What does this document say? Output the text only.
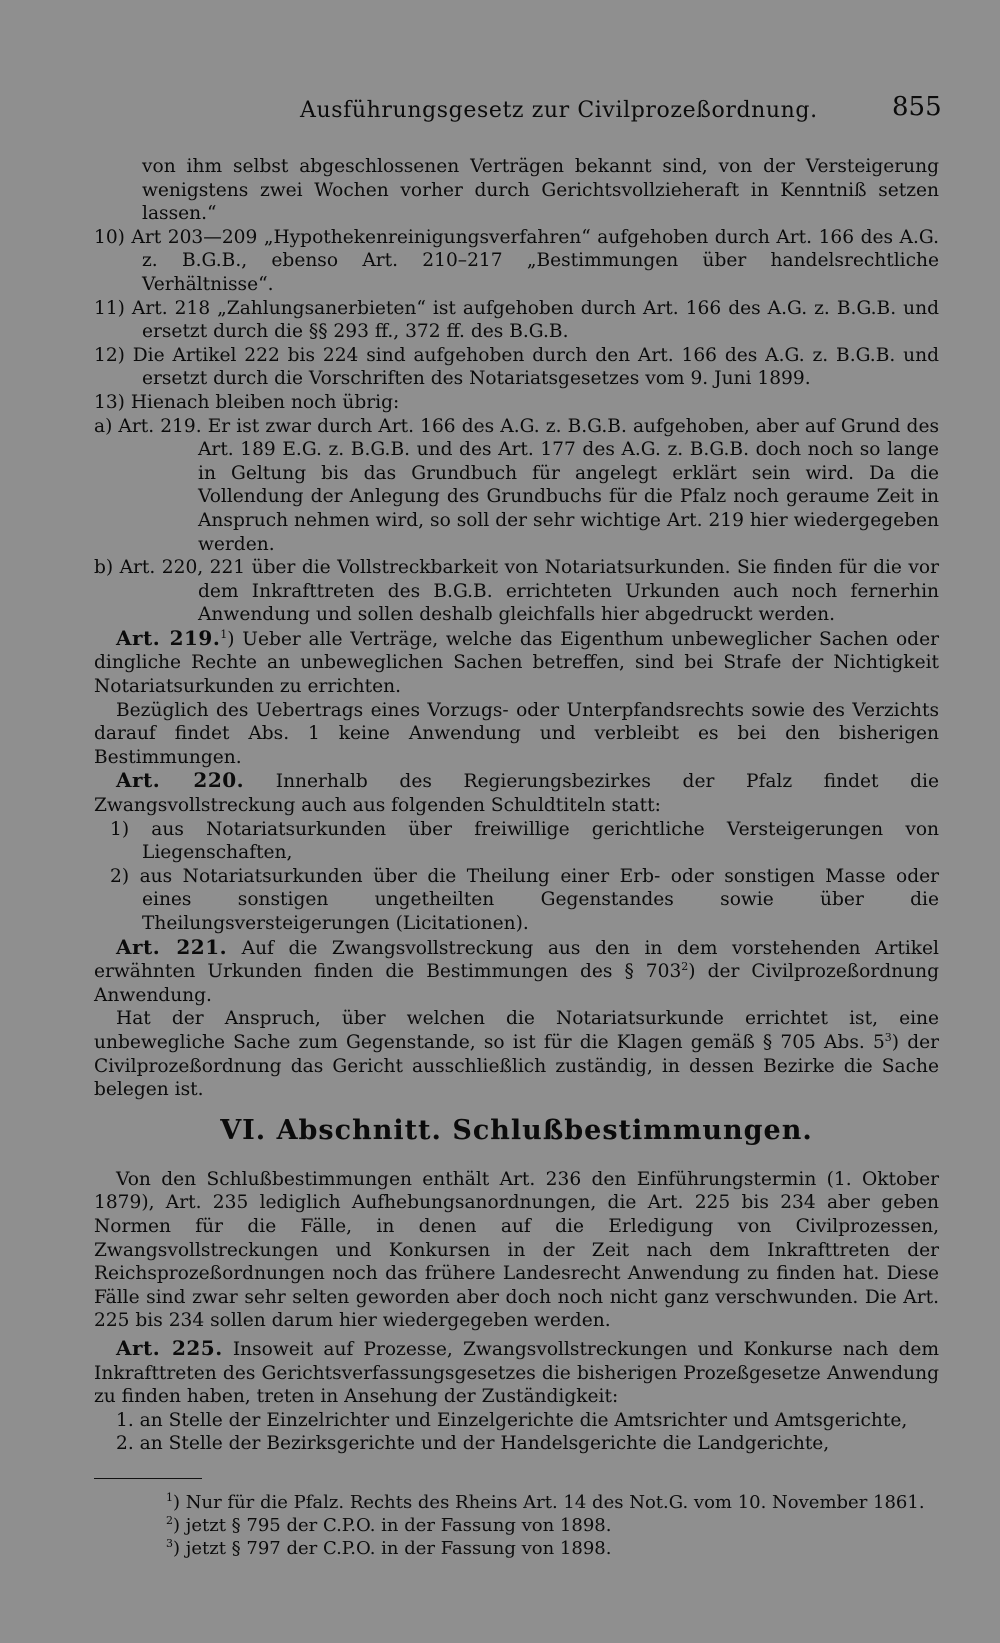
Ausführungsgesetz zur Civilprozeßordnung.	855

von ihm selbst abgeschlossenen Verträgen bekannt sind, von der Versteigerung wenigstens zwei Wochen vorher durch Gerichtsvollzieheraft in Kenntniß setzen lassen.“

10) Art 203—209 „Hypothekenreinigungsverfahren“ aufgehoben durch Art. 166 des A.G. z. B.G.B., ebenso Art. 210–217 „Bestimmungen über handelsrechtliche Verhältnisse“.

11) Art. 218 „Zahlungsanerbieten“ ist aufgehoben durch Art. 166 des A.G. z. B.G.B. und ersetzt durch die §§ 293 ff., 372 ff. des B.G.B.

12) Die Artikel 222 bis 224 sind aufgehoben durch den Art. 166 des A.G. z. B.G.B. und ersetzt durch die Vorschriften des Notariatsgesetzes vom 9. Juni 1899.

13) Hienach bleiben noch übrig:

a) Art. 219. Er ist zwar durch Art. 166 des A.G. z. B.G.B. aufgehoben, aber auf Grund des Art. 189 E.G. z. B.G.B. und des Art. 177 des A.G. z. B.G.B. doch noch so lange in Geltung bis das Grundbuch für angelegt erklärt sein wird. Da die Vollendung der Anlegung des Grundbuchs für die Pfalz noch geraume Zeit in Anspruch nehmen wird, so soll der sehr wichtige Art. 219 hier wiedergegeben werden.

b) Art. 220, 221 über die Vollstreckbarkeit von Notariatsurkunden. Sie finden für die vor dem Inkrafttreten des B.G.B. errichteten Urkunden auch noch fernerhin Anwendung und sollen deshalb gleichfalls hier abgedruckt werden.

Art. 219.$^1$) Ueber alle Verträge, welche das Eigenthum unbeweglicher Sachen oder dingliche Rechte an unbeweglichen Sachen betreffen, sind bei Strafe der Nichtigkeit Notariatsurkunden zu errichten.

Bezüglich des Uebertrags eines Vorzugs- oder Unterpfandsrechts sowie des Verzichts darauf findet Abs. 1 keine Anwendung und verbleibt es bei den bisherigen Bestimmungen.

Art. 220. Innerhalb des Regierungsbezirkes der Pfalz findet die Zwangsvollstreckung auch aus folgenden Schuldtiteln statt:

1) aus Notariatsurkunden über freiwillige gerichtliche Versteigerungen von Liegenschaften,

2) aus Notariatsurkunden über die Theilung einer Erb- oder sonstigen Masse oder eines sonstigen ungetheilten Gegenstandes sowie über die Theilungsversteigerungen (Licitationen).

Art. 221. Auf die Zwangsvollstreckung aus den in dem vorstehenden Artikel erwähnten Urkunden finden die Bestimmungen des § $703^2$) der Civilprozeßordnung Anwendung.

Hat der Anspruch, über welchen die Notariatsurkunde errichtet ist, eine unbewegliche Sache zum Gegenstande, so ist für die Klagen gemäß § 705 Abs. $5^3$) der Civilprozeßordnung das Gericht ausschließlich zuständig, in dessen Bezirke die Sache belegen ist.

VI. Abschnitt. Schlußbestimmungen.

Von den Schlußbestimmungen enthält Art. 236 den Einführungstermin (1. Oktober 1879), Art. 235 lediglich Aufhebungsanordnungen, die Art. 225 bis 234 aber geben Normen für die Fälle, in denen auf die Erledigung von Civilprozessen, Zwangsvollstreckungen und Konkursen in der Zeit nach dem Inkrafttreten der Reichsprozeßordnungen noch das frühere Landesrecht Anwendung zu finden hat. Diese Fälle sind zwar sehr selten geworden aber doch noch nicht ganz verschwunden. Die Art. 225 bis 234 sollen darum hier wiedergegeben werden.

Art. 225. Insoweit auf Prozesse, Zwangsvollstreckungen und Konkurse nach dem Inkrafttreten des Gerichtsverfassungsgesetzes die bisherigen Prozeßgesetze Anwendung zu finden haben, treten in Ansehung der Zuständigkeit:

1. an Stelle der Einzelrichter und Einzelgerichte die Amtsrichter und Amtsgerichte,

2. an Stelle der Bezirksgerichte und der Handelsgerichte die Landgerichte,

$^1$) Nur für die Pfalz. Rechts des Rheins Art. 14 des Not.G. vom 10. November 1861.

$^2$) jetzt § 795 der C.P.O. in der Fassung von 1898.

$^3$) jetzt § 797 der C.P.O. in der Fassung von 1898.
